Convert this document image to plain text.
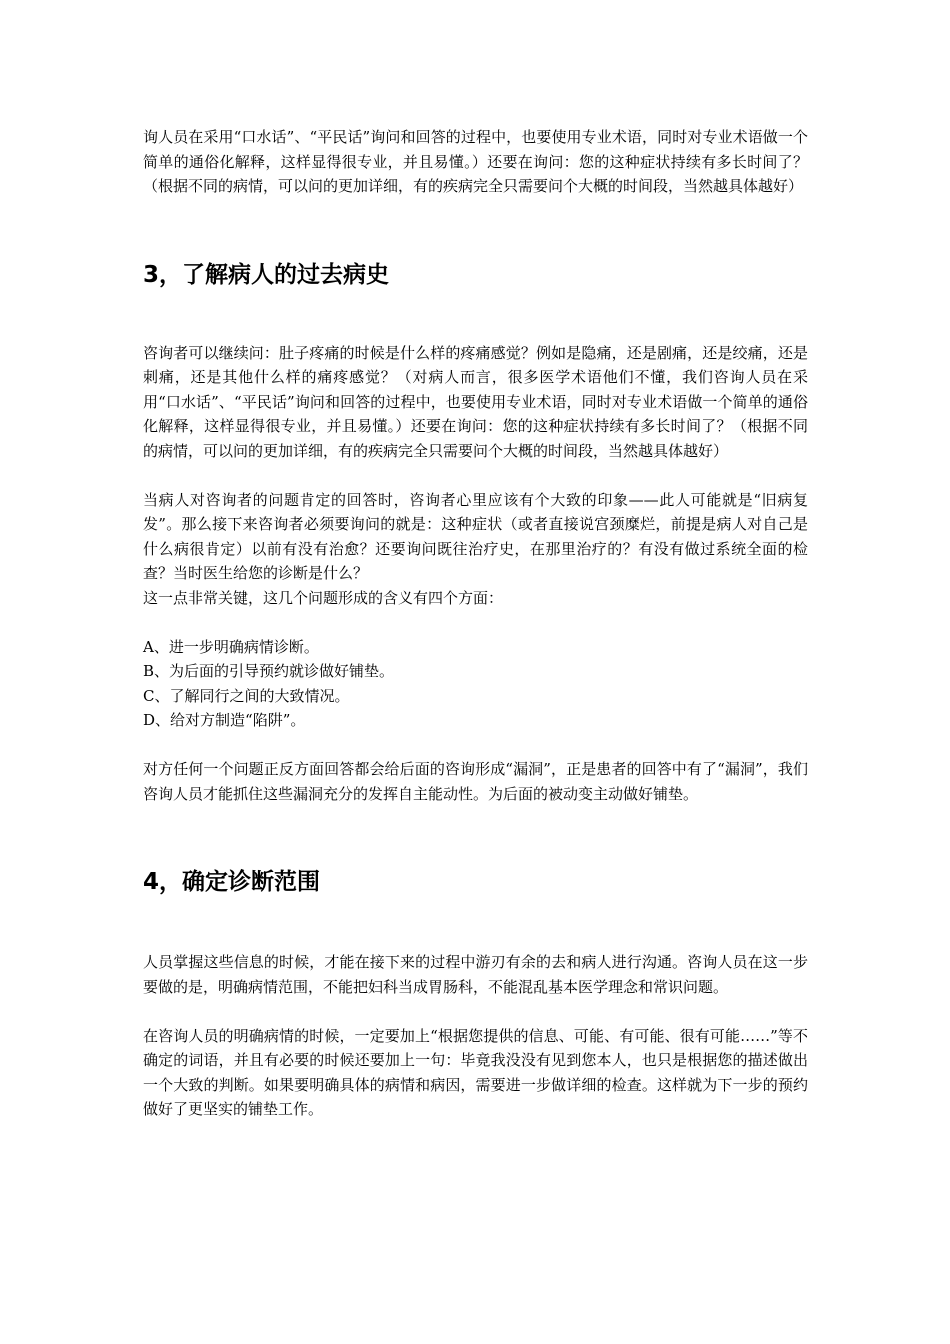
询人员在采用“口水话”、“平民话”询问和回答的过程中，也要使用专业术语，同时对专业术语做一个简单的通俗化解释，这样显得很专业，并且易懂。）还要在询问：您的这种症状持续有多长时间了？（根据不同的病情，可以问的更加详细，有的疾病完全只需要问个大概的时间段，当然越具体越好）

3，了解病人的过去病史

咨询者可以继续问：肚子疼痛的时候是什么样的疼痛感觉？例如是隐痛，还是剧痛，还是绞痛，还是刺痛，还是其他什么样的痛疼感觉？（对病人而言，很多医学术语他们不懂，我们咨询人员在采用“口水话”、“平民话”询问和回答的过程中，也要使用专业术语，同时对专业术语做一个简单的通俗化解释，这样显得很专业，并且易懂。）还要在询问：您的这种症状持续有多长时间了？（根据不同的病情，可以问的更加详细，有的疾病完全只需要问个大概的时间段，当然越具体越好）

当病人对咨询者的问题肯定的回答时，咨询者心里应该有个大致的印象——此人可能就是“旧病复发”。那么接下来咨询者必须要询问的就是：这种症状（或者直接说宫颈糜烂，前提是病人对自己是什么病很肯定）以前有没有治愈？还要询问既往治疗史，在那里治疗的？有没有做过系统全面的检查？当时医生给您的诊断是什么？

这一点非常关键，这几个问题形成的含义有四个方面：

A、进一步明确病情诊断。

B、为后面的引导预约就诊做好铺垫。

C、了解同行之间的大致情况。

D、给对方制造“陷阱”。

对方任何一个问题正反方面回答都会给后面的咨询形成“漏洞”，正是患者的回答中有了“漏洞”，我们咨询人员才能抓住这些漏洞充分的发挥自主能动性。为后面的被动变主动做好铺垫。

4，确定诊断范围

人员掌握这些信息的时候，才能在接下来的过程中游刃有余的去和病人进行沟通。咨询人员在这一步要做的是，明确病情范围，不能把妇科当成胃肠科，不能混乱基本医学理念和常识问题。

在咨询人员的明确病情的时候，一定要加上“根据您提供的信息、可能、有可能、很有可能……”等不确定的词语，并且有必要的时候还要加上一句：毕竟我没没有见到您本人，也只是根据您的描述做出一个大致的判断。如果要明确具体的病情和病因，需要进一步做详细的检查。这样就为下一步的预约做好了更坚实的铺垫工作。
